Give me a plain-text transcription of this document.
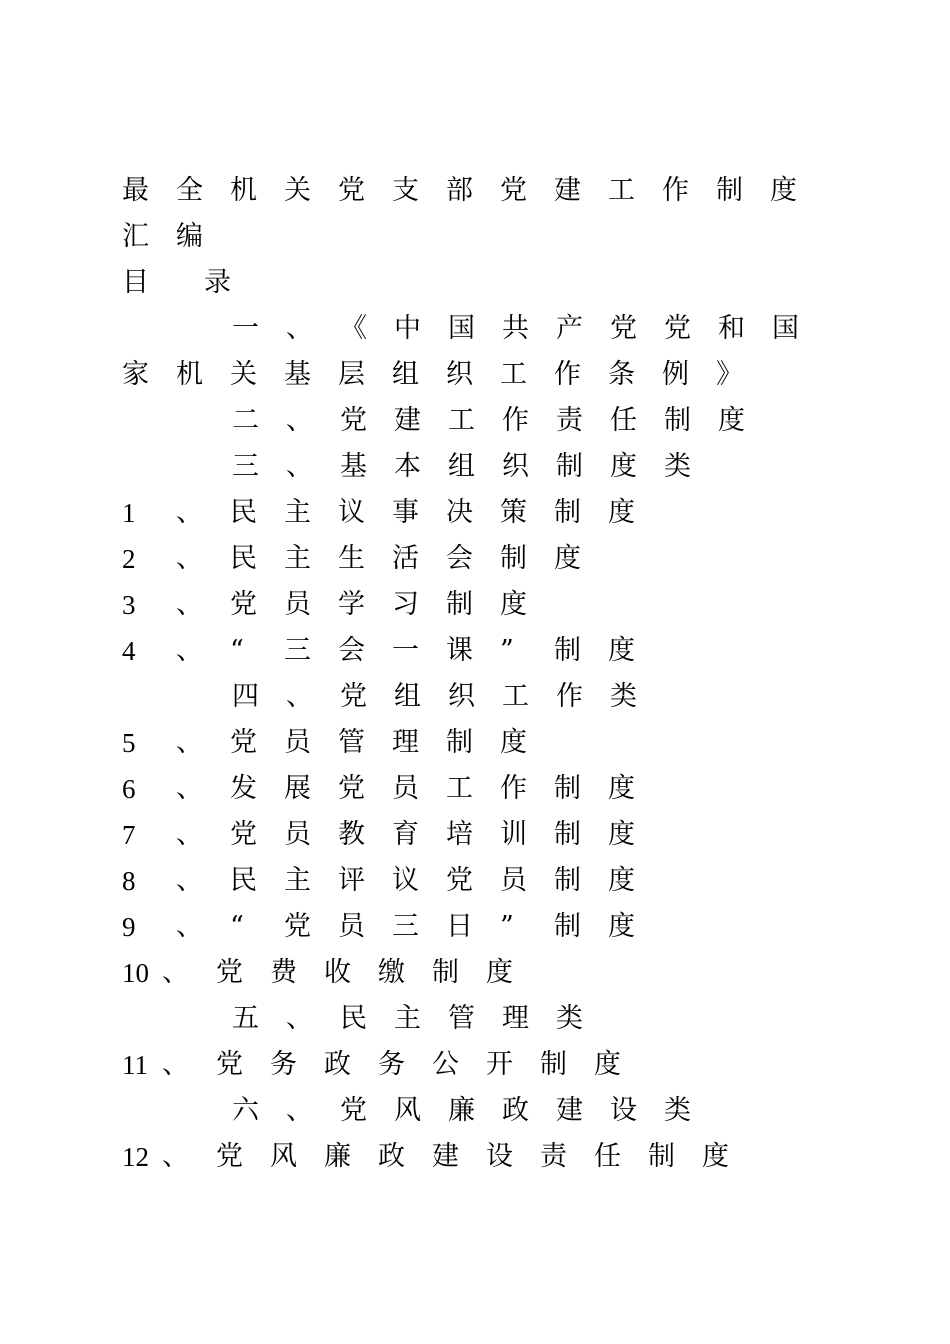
最	全	机	关	党	支	部	党	建	工	作	制	度
汇	编
目	录
一	、	《	中	国	共	产	党	党	和	国
家	机	关	基	层	组	织	工	作	条	例	》
二	、	党	建	工	作	责	任	制	度
三	、	基	本	组	织	制	度	类
1	、	民	主	议	事	决	策	制	度
2	、	民	主	生	活	会	制	度
3	、	党	员	学	习	制	度
4	、	“	三	会	一	课	”	制	度
四	、	党	组	织	工	作	类
5	、	党	员	管	理	制	度
6	、	发	展	党	员	工	作	制	度
7	、	党	员	教	育	培	训	制	度
8	、	民	主	评	议	党	员	制	度
9	、	“	党	员	三	日	”	制	度
10 、	党	费	收	缴	制	度
五	、	民	主	管	理	类
11 、	党	务	政	务	公	开	制	度
六	、	党	风	廉	政	建	设	类
12 、	党	风	廉	政	建	设	责	任	制	度
